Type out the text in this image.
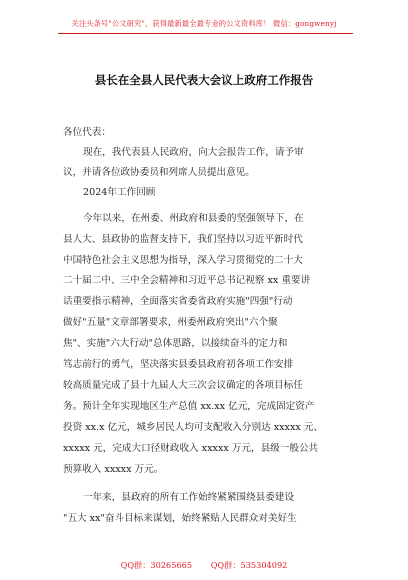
关注头条号"公文研究"，获得最新最全最专业的公文资料库！ 微信：gongwenyj
县长在全县人民代表大会议上政府工作报告
各位代表：
现在，我代表县人民政府，向大会报告工作，请予审
议，并请各位政协委员和列席人员提出意见。
2024年工作回顾
今年以来，在州委、州政府和县委的坚强领导下，在
县人大、县政协的监督支持下，我们坚持以习近平新时代
中国特色社会主义思想为指导，深入学习贯彻党的二十大
二十届二中、三中全会精神和习近平总书记视察 xx 重要讲
话重要指示精神，全面落实省委省政府实施"四强"行动
做好"五量"文章部署要求，州委州政府突出"六个聚
焦"、实施"六大行动"总体思路，以接续奋斗的定力和
笃志前行的勇气，坚决落实县委县政府初各项工作安排
较高质量完成了县十九届人大三次会议确定的各项目标任
务。预计全年实现地区生产总值 xx.xx 亿元，完成固定资产
投资 xx.x 亿元，城乡居民人均可支配收入分别达 xxxxx 元、
xxxxx 元，完成大口径财政收入 xxxxx 万元，县级一般公共
预算收入 xxxxx 万元。
一年来，县政府的所有工作始终紧紧围绕县委建设
"五大 xx"奋斗目标来谋划，始终紧贴人民群众对美好生
QQ群：30265665 QQ群：535304092
